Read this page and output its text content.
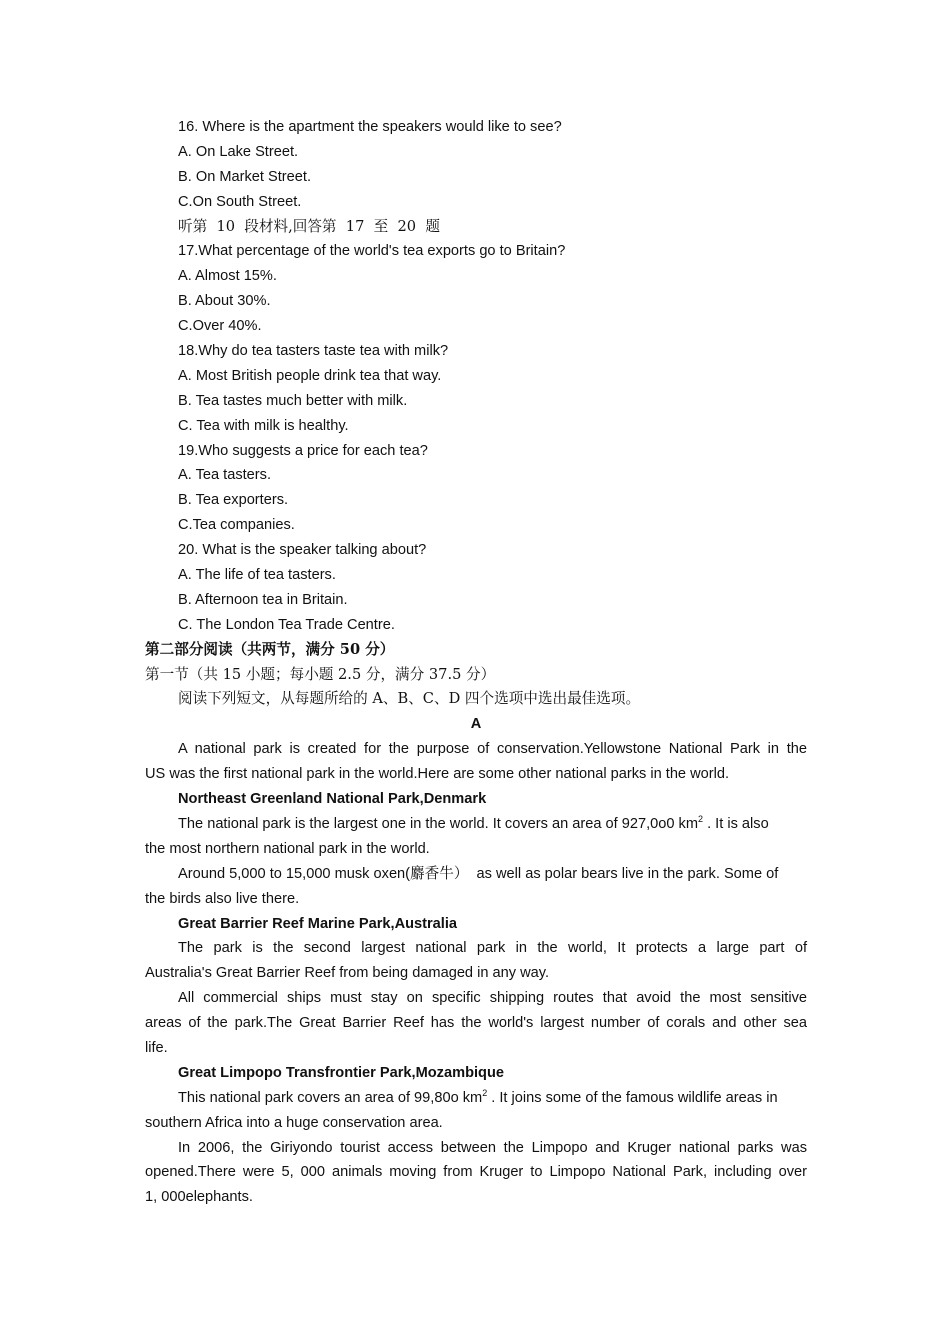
16. Where is the apartment the speakers would like to see?
A. On Lake Street.
B. On Market Street.
C.On South Street.
听第  10  段材料,回答第  17  至  20  题
17.What percentage of the world's tea exports go to Britain?
A. Almost 15%.
B. About 30%.
C.Over 40%.
18.Why do tea tasters taste tea with milk?
A. Most British people drink tea that way.
B. Tea tastes much better with milk.
C. Tea with milk is healthy.
19.Who suggests a price for each tea?
A. Tea tasters.
B. Tea exporters.
C.Tea companies.
20. What is the speaker talking about?
A. The life of tea tasters.
B. Afternoon tea in Britain.
C. The London Tea Trade Centre.
第二部分阅读（共两节，满分 50 分）
第一节（共 15 小题；每小题 2.5 分，满分 37.5 分）
阅读下列短文，从每题所给的 A、B、C、D 四个选项中选出最佳选项。
A
A national park is created for the purpose of conservation.Yellowstone National Park in the
US was the first national park in the world.Here are some other national parks in the world.
Northeast Greenland National Park,Denmark
The national park is the largest one in the world. It covers an area of 927,0o0 $km^2$ . It is also
the most northern national park in the world.
Around 5,000 to 15,000 musk oxen(麝香牛）  as well as polar bears live in the park. Some of
the birds also live there.
Great Barrier Reef Marine Park,Australia
The park is the second largest national park in the world, It protects a large part of
Australia's Great Barrier Reef from being damaged in any way.
All commercial ships must stay on specific shipping routes that avoid the most sensitive
areas of the park.The Great Barrier Reef has the world's largest number of corals and other sea
life.
Great Limpopo Transfrontier Park,Mozambique
This national park covers an area of 99,80o $km^2$ . It joins some of the famous wildlife areas in
southern Africa into a huge conservation area.
In 2006, the Giriyondo tourist access between the Limpopo and Kruger national parks was
opened.There were 5, 000 animals moving from Kruger to Limpopo National Park, including over
1, 000elephants.
